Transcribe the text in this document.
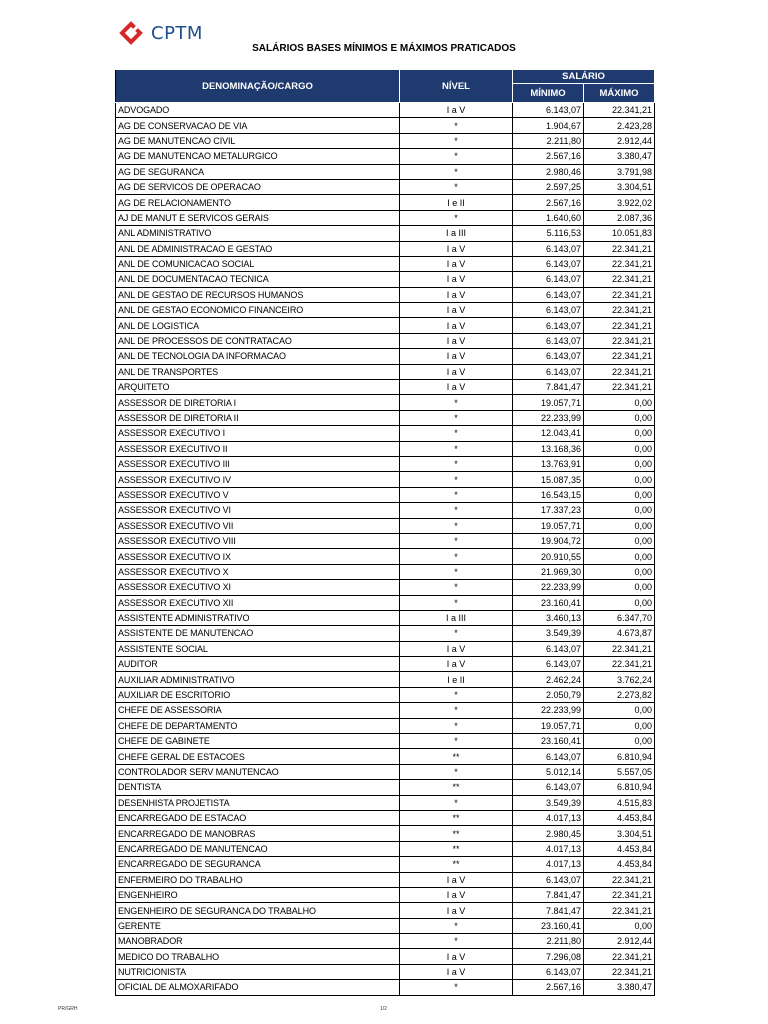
CPTM
SALÁRIOS BASES MÍNIMOS E MÁXIMOS PRATICADOS
DENOMINAÇÃO/CARGO	NÍVEL	SALÁRIO	
		MÍNIMO	MÁXIMO
ADVOGADO	I a V	6.143,07	22.341,21
AG DE CONSERVACAO DE VIA	*	1.904,67	2.423,28
AG DE MANUTENCAO CIVIL	*	2.211,80	2.912,44
AG DE MANUTENCAO METALURGICO	*	2.567,16	3.380,47
AG DE SEGURANCA	*	2.980,46	3.791,98
AG DE SERVICOS DE OPERACAO	*	2.597,25	3.304,51
AG DE RELACIONAMENTO	I e II	2.567,16	3.922,02
AJ DE MANUT E SERVICOS GERAIS	*	1.640,60	2.087,36
ANL ADMINISTRATIVO	I a III	5.116,53	10.051,83
ANL DE ADMINISTRACAO E GESTAO	I a V	6.143,07	22.341,21
ANL DE COMUNICACAO SOCIAL	I a V	6.143,07	22.341,21
ANL DE DOCUMENTACAO TECNICA	I a V	6.143,07	22.341,21
ANL DE GESTAO DE RECURSOS HUMANOS	I a V	6.143,07	22.341,21
ANL DE GESTAO ECONOMICO FINANCEIRO	I a V	6.143,07	22.341,21
ANL DE LOGISTICA	I a V	6.143,07	22.341,21
ANL DE PROCESSOS DE CONTRATACAO	I a V	6.143,07	22.341,21
ANL DE TECNOLOGIA DA INFORMACAO	I a V	6.143,07	22.341,21
ANL DE TRANSPORTES	I a V	6.143,07	22.341,21
ARQUITETO	I a V	7.841,47	22.341,21
ASSESSOR DE DIRETORIA I	*	19.057,71	0,00
ASSESSOR DE DIRETORIA II	*	22.233,99	0,00
ASSESSOR EXECUTIVO I	*	12.043,41	0,00
ASSESSOR EXECUTIVO II	*	13.168,36	0,00
ASSESSOR EXECUTIVO III	*	13.763,91	0,00
ASSESSOR EXECUTIVO IV	*	15.087,35	0,00
ASSESSOR EXECUTIVO V	*	16.543,15	0,00
ASSESSOR EXECUTIVO VI	*	17.337,23	0,00
ASSESSOR EXECUTIVO VII	*	19.057,71	0,00
ASSESSOR EXECUTIVO VIII	*	19.904,72	0,00
ASSESSOR EXECUTIVO IX	*	20.910,55	0,00
ASSESSOR EXECUTIVO X	*	21.969,30	0,00
ASSESSOR EXECUTIVO XI	*	22.233,99	0,00
ASSESSOR EXECUTIVO XII	*	23.160,41	0,00
ASSISTENTE ADMINISTRATIVO	I a III	3.460,13	6.347,70
ASSISTENTE DE MANUTENCAO	*	3.549,39	4.673,87
ASSISTENTE SOCIAL	I a V	6.143,07	22.341,21
AUDITOR	I a V	6.143,07	22.341,21
AUXILIAR ADMINISTRATIVO	I e II	2.462,24	3.762,24
AUXILIAR DE ESCRITORIO	*	2.050,79	2.273,82
CHEFE DE ASSESSORIA	*	22.233,99	0,00
CHEFE DE DEPARTAMENTO	*	19.057,71	0,00
CHEFE DE GABINETE	*	23.160,41	0,00
CHEFE GERAL DE ESTACOES	**	6.143,07	6.810,94
CONTROLADOR SERV MANUTENCAO	*	5.012,14	5.557,05
DENTISTA	**	6.143,07	6.810,94
DESENHISTA PROJETISTA	*	3.549,39	4.515,83
ENCARREGADO DE ESTACAO	**	4.017,13	4.453,84
ENCARREGADO DE MANOBRAS	**	2.980,45	3.304,51
ENCARREGADO DE MANUTENCAO	**	4.017,13	4.453,84
ENCARREGADO DE SEGURANCA	**	4.017,13	4.453,84
ENFERMEIRO DO TRABALHO	I a V	6.143,07	22.341,21
ENGENHEIRO	I a V	7.841,47	22.341,21
ENGENHEIRO DE SEGURANCA DO TRABALHO	I a V	7.841,47	22.341,21
GERENTE	*	23.160,41	0,00
MANOBRADOR	*	2.211,80	2.912,44
MEDICO DO TRABALHO	I a V	7.296,08	22.341,21
NUTRICIONISTA	I a V	6.143,07	22.341,21
OFICIAL DE ALMOXARIFADO	*	2.567,16	3.380,47
PR/GRH	1/2
